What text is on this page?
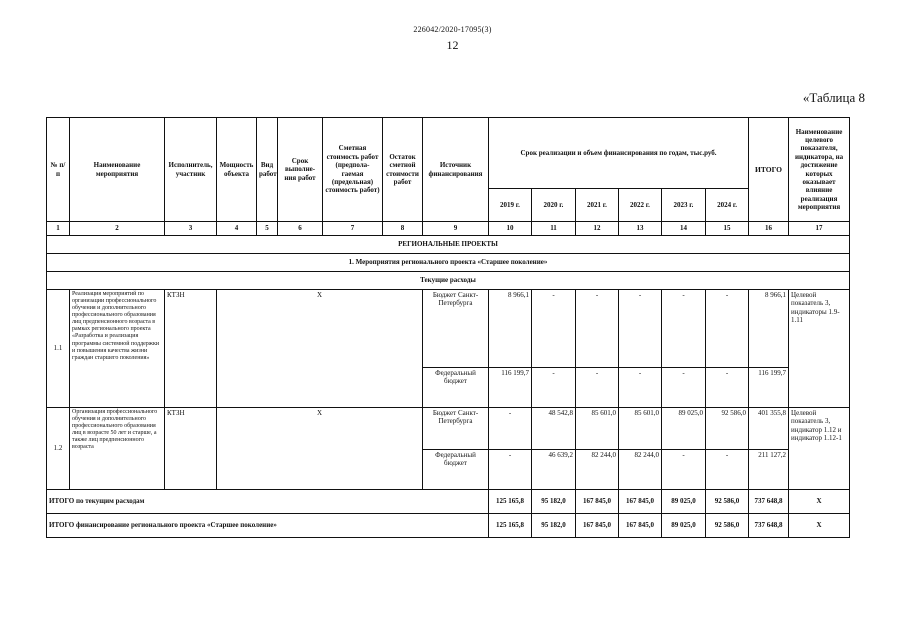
226042/2020-17095(3)
12
«Таблица 8
№ п/п	Наименование мероприятия	Исполнитель, участник	Мощность объекта	Вид работ	Срок выполне-ния работ	Сметная стоимость работ (предпола-гаемая (предельная) стоимость работ)	Остаток сметной стоимости работ	Источник финансирования	Срок реализации и объем финансирования по годам, тыс.руб.						ИТОГО	Наименование целевого показателя, индикатора, на достижение которых оказывает влияние реализация мероприятия
									2019 г.	2020 г.	2021 г.	2022 г.	2023 г.	2024 г.		
1	2	3	4	5	6	7	8	9	10	11	12	13	14	15	16	17
РЕГИОНАЛЬНЫЕ ПРОЕКТЫ																
1. Мероприятия регионального проекта «Старшее поколение»																
Текущие расходы																
1.1	Реализация мероприятий по организации профессионального обучения и дополнительного профессионального образования лиц предпенсионного возраста в рамках регионального проекта «Разработка и реализация программы системной поддержки и повышения качества жизни граждан старшего поколения»	КТЗН	Х					Бюджет Санкт-Петербурга	8 966,1	-	-	-	-	-	8 966,1	Целевой показатель 3, индикаторы 1.9-1.11
								Федеральный бюджет	116 199,7	-	-	-	-	-	116 199,7	
1.2	Организация профессионального обучения и дополнительного профессионального образования лиц в возрасте 50 лет и старше, а также лиц предпенсионного возраста	КТЗН	Х					Бюджет Санкт-Петербурга	-	48 542,8	85 601,0	85 601,0	89 025,0	92 586,0	401 355,8	Целевой показатель 3, индикатор 1.12 и индикатор 1.12-1
								Федеральный бюджет	-	46 639,2	82 244,0	82 244,0	-	-	211 127,2	
ИТОГО по текущим расходам									125 165,8	95 182,0	167 845,0	167 845,0	89 025,0	92 586,0	737 648,8	Х
ИТОГО финансирование регионального проекта «Старшее поколение»									125 165,8	95 182,0	167 845,0	167 845,0	89 025,0	92 586,0	737 648,8	Х
